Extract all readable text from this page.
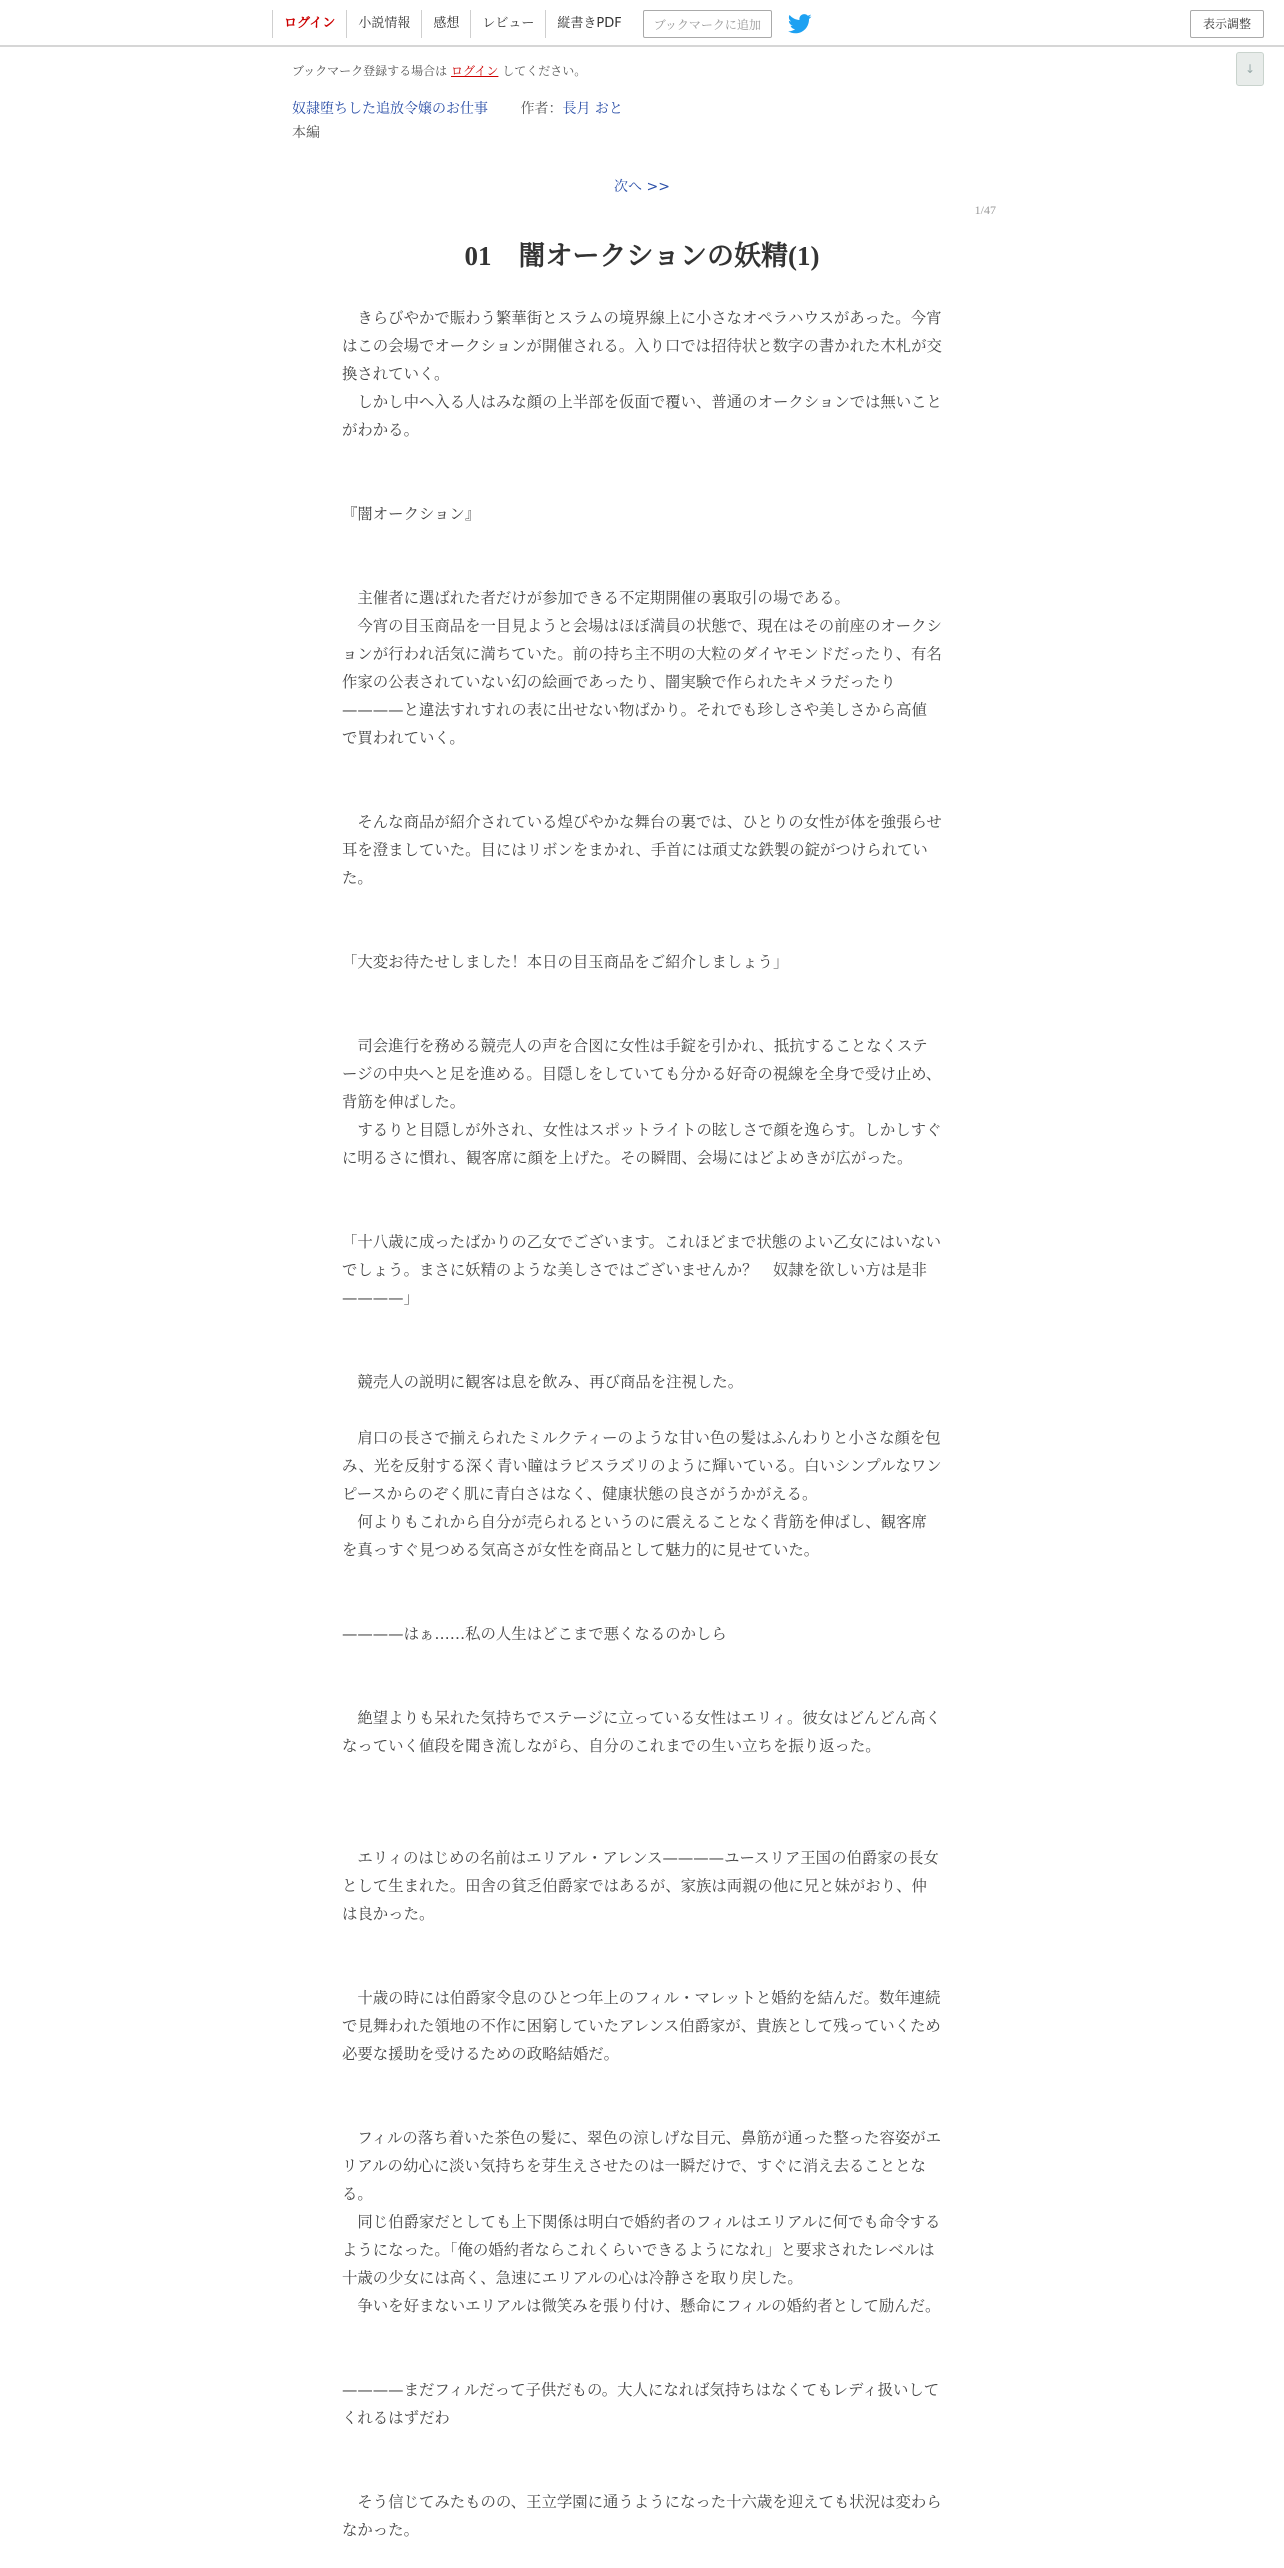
ログイン	小説情報	感想	レビュー	縦書きPDF	ブックマークに追加	表示調整
↓
ブックマーク登録する場合は ログイン してください。
奴隷堕ちした追放令嬢のお仕事 作者：長月 おと
本編
次へ >>
1/47
01　闇オークションの妖精(1)

　きらびやかで賑わう繁華街とスラムの境界線上に小さなオペラハウスがあった。今宵はこの会場でオークションが開催される。入り口では招待状と数字の書かれた木札が交換されていく。

　しかし中へ入る人はみな顔の上半部を仮面で覆い、普通のオークションでは無いことがわかる。

『闇オークション』

　主催者に選ばれた者だけが参加できる不定期開催の裏取引の場である。

　今宵の目玉商品を一目見ようと会場はほぼ満員の状態で、現在はその前座のオークションが行われ活気に満ちていた。前の持ち主不明の大粒のダイヤモンドだったり、有名作家の公表されていない幻の絵画であったり、闇実験で作られたキメラだったり————と違法すれすれの表に出せない物ばかり。それでも珍しさや美しさから高値で買われていく。

　そんな商品が紹介されている煌びやかな舞台の裏では、ひとりの女性が体を強張らせ耳を澄ましていた。目にはリボンをまかれ、手首には頑丈な鉄製の錠がつけられていた。

「大変お待たせしました！本日の目玉商品をご紹介しましょう」

　司会進行を務める競売人の声を合図に女性は手錠を引かれ、抵抗することなくステージの中央へと足を進める。目隠しをしていても分かる好奇の視線を全身で受け止め、背筋を伸ばした。

　するりと目隠しが外され、女性はスポットライトの眩しさで顔を逸らす。しかしすぐに明るさに慣れ、観客席に顔を上げた。その瞬間、会場にはどよめきが広がった。

「十八歳に成ったばかりの乙女でございます。これほどまで状態のよい乙女にはいないでしょう。まさに妖精のような美しさではございませんか？　奴隷を欲しい方は是非————」

　競売人の説明に観客は息を飲み、再び商品を注視した。

　肩口の長さで揃えられたミルクティーのような甘い色の髪はふんわりと小さな顔を包み、光を反射する深く青い瞳はラピスラズリのように輝いている。白いシンプルなワンピースからのぞく肌に青白さはなく、健康状態の良さがうかがえる。

　何よりもこれから自分が売られるというのに震えることなく背筋を伸ばし、観客席を真っすぐ見つめる気高さが女性を商品として魅力的に見せていた。

————はぁ……私の人生はどこまで悪くなるのかしら

　絶望よりも呆れた気持ちでステージに立っている女性はエリィ。彼女はどんどん高くなっていく値段を聞き流しながら、自分のこれまでの生い立ちを振り返った。

　エリィのはじめの名前はエリアル・アレンス————ユースリア王国の伯爵家の長女として生まれた。田舎の貧乏伯爵家ではあるが、家族は両親の他に兄と妹がおり、仲は良かった。

　十歳の時には伯爵家令息のひとつ年上のフィル・マレットと婚約を結んだ。数年連続で見舞われた領地の不作に困窮していたアレンス伯爵家が、貴族として残っていくため必要な援助を受けるための政略結婚だ。

　フィルの落ち着いた茶色の髪に、翠色の涼しげな目元、鼻筋が通った整った容姿がエリアルの幼心に淡い気持ちを芽生えさせたのは一瞬だけで、すぐに消え去ることとなる。

　同じ伯爵家だとしても上下関係は明白で婚約者のフィルはエリアルに何でも命令するようになった。「俺の婚約者ならこれくらいできるようになれ」と要求されたレベルは十歳の少女には高く、急速にエリアルの心は冷静さを取り戻した。

　争いを好まないエリアルは微笑みを張り付け、懸命にフィルの婚約者として励んだ。

————まだフィルだって子供だもの。大人になれば気持ちはなくてもレディ扱いしてくれるはずだわ

　そう信じてみたものの、王立学園に通うようになった十六歳を迎えても状況は変わらなかった。
